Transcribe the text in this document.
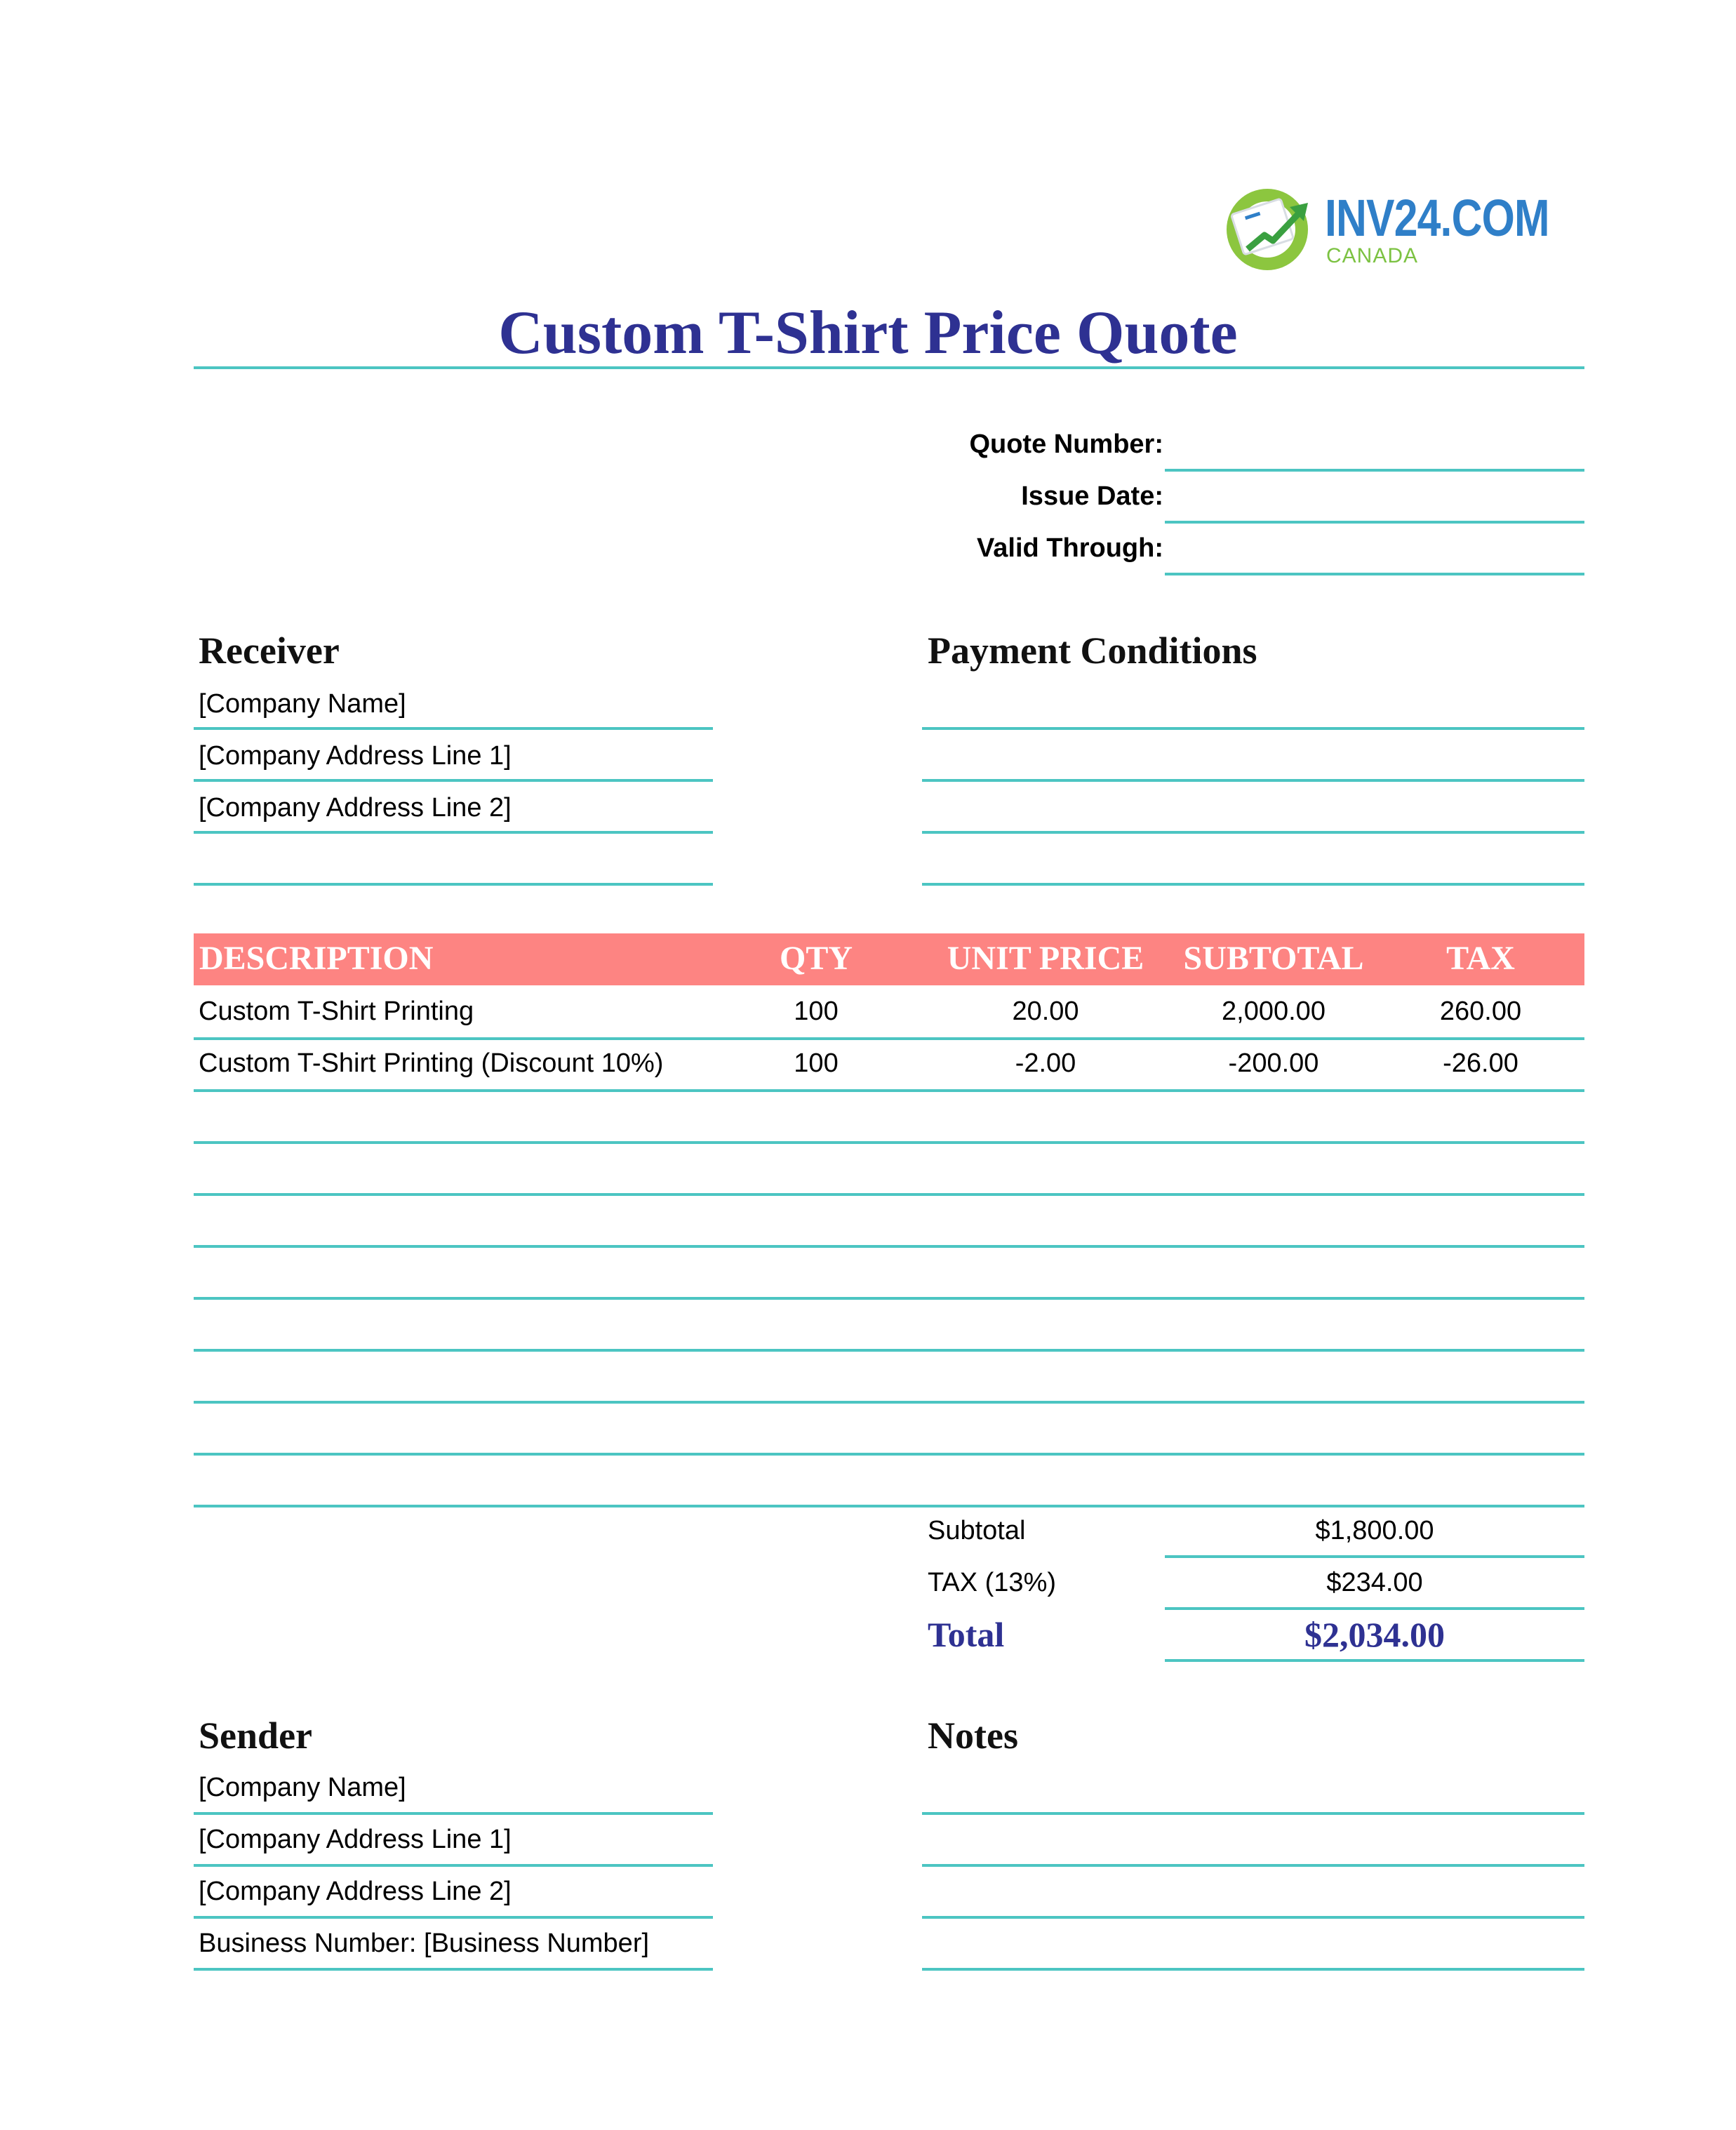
INV24.COM
CANADA
Custom T-Shirt Price Quote
Quote Number:
Issue Date:
Valid Through:
Receiver
[Company Name]
[Company Address Line 1]
[Company Address Line 2]
Payment Conditions
DESCRIPTION	QTY	UNIT PRICE	SUBTOTAL	TAX
Custom T-Shirt Printing	100	20.00	2,000.00	260.00
Custom T-Shirt Printing (Discount 10%)	100	-2.00	-200.00	-26.00
Subtotal	$1,800.00
TAX (13%)	$234.00
Total	$2,034.00
Sender
[Company Name]
[Company Address Line 1]
[Company Address Line 2]
Business Number: [Business Number]
Notes
